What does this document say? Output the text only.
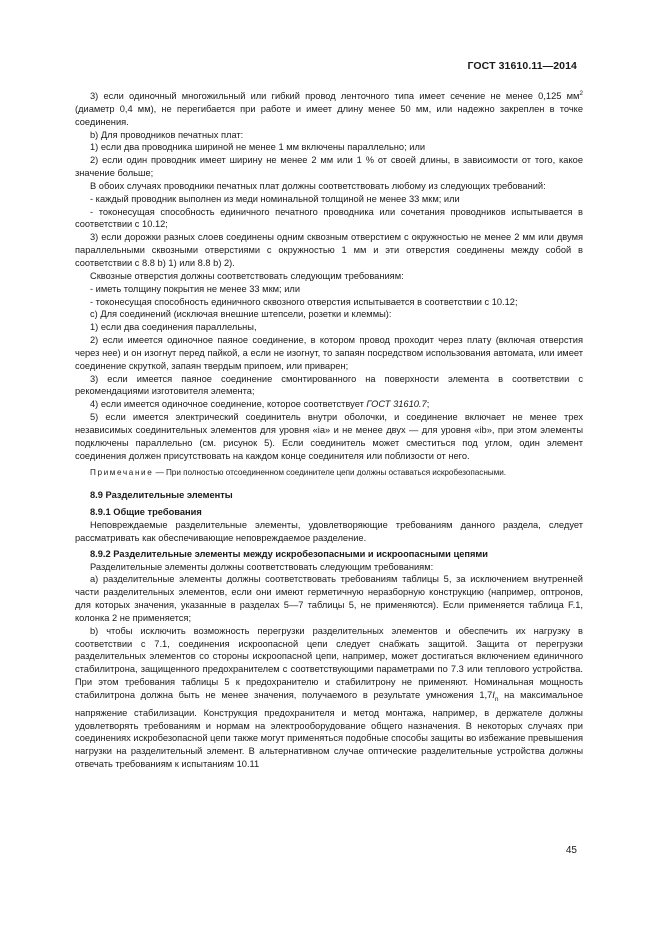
ГОСТ 31610.11—2014

3) если одиночный многожильный или гибкий провод ленточного типа имеет сечение не менее 0,125 $мм^2$ (диаметр 0,4 мм), не перегибается при работе и имеет длину менее 50 мм, или надежно закреплен в точке соединения.

b) Для проводников печатных плат:

1) если два проводника шириной не менее 1 мм включены параллельно; или

2) если один проводник имеет ширину не менее 2 мм или 1 % от своей длины, в зависимости от того, какое значение больше;

В обоих случаях проводники печатных плат должны соответствовать любому из следующих требований:

- каждый проводник выполнен из меди номинальной толщиной не менее 33 мкм; или

- токонесущая способность единичного печатного проводника или сочетания проводников испытывается в соответствии с 10.12;

3) если дорожки разных слоев соединены одним сквозным отверстием с окружностью не менее 2 мм или двумя параллельными сквозными отверстиями с окружностью 1 мм и эти отверстия соединены между собой в соответствии с 8.8 b) 1) или 8.8 b) 2).

Сквозные отверстия должны соответствовать следующим требованиям:

- иметь толщину покрытия не менее 33 мкм; или

- токонесущая способность единичного сквозного отверстия испытывается в соответствии с 10.12;

c) Для соединений (исключая внешние штепсели, розетки и клеммы):

1) если два соединения параллельны,

2) если имеется одиночное паяное соединение, в котором провод проходит через плату (включая отверстия через нее) и он изогнут перед пайкой, а если не изогнут, то запаян посредством использования автомата, или имеет соединение скруткой, запаян твердым припоем, или приварен;

3) если имеется паяное соединение смонтированного на поверхности элемента в соответствии с рекомендациями изготовителя элемента;

4) если имеется одиночное соединение, которое соответствует ГОСТ 31610.7;

5) если имеется электрический соединитель внутри оболочки, и соединение включает не менее трех независимых соединительных элементов для уровня «ia» и не менее двух — для уровня «ib», при этом элементы подключены параллельно (см. рисунок 5). Если соединитель может сместиться под углом, один элемент соединения должен присутствовать на каждом конце соединителя или поблизости от него.

Примечание — При полностью отсоединенном соединителе цепи должны оставаться искробезопасными.

8.9 Разделительные элементы

8.9.1 Общие требования

Неповреждаемые разделительные элементы, удовлетворяющие требованиям данного раздела, следует рассматривать как обеспечивающие неповреждаемое разделение.

8.9.2 Разделительные элементы между искробезопасными и искроопасными цепями

Разделительные элементы должны соответствовать следующим требованиям:

a) разделительные элементы должны соответствовать требованиям таблицы 5, за исключением внутренней части разделительных элементов, если они имеют герметичную неразборную конструкцию (например, оптронов, для которых значения, указанные в разделах 5—7 таблицы 5, не применяются). Если применяется таблица F.1, колонка 2 не применяется;

b) чтобы исключить возможность перегрузки разделительных элементов и обеспечить их нагрузку в соответствии с 7.1, соединения искроопасной цепи следует снабжать защитой. Защита от перегрузки разделительных элементов со стороны искроопасной цепи, например, может достигаться включением единичного стабилитрона, защищенного предохранителем с соответствующими параметрами по 7.3 или теплового устройства. При этом требования таблицы 5 к предохранителю и стабилитрону не применяют. Номинальная мощность стабилитрона должна быть не менее значения, получаемого в результате умножения $1,7I_n$ на максимальное напряжение стабилизации. Конструкция предохранителя и метод монтажа, например, в держателе должны удовлетворять требованиям и нормам на электрооборудование общего назначения. В некоторых случаях при соединениях искробезопасной цепи также могут применяться подобные способы защиты во избежание превышения нагрузки на разделительный элемент. В альтернативном случае оптические разделительные устройства должны отвечать требованиям к испытаниям 10.11

45
